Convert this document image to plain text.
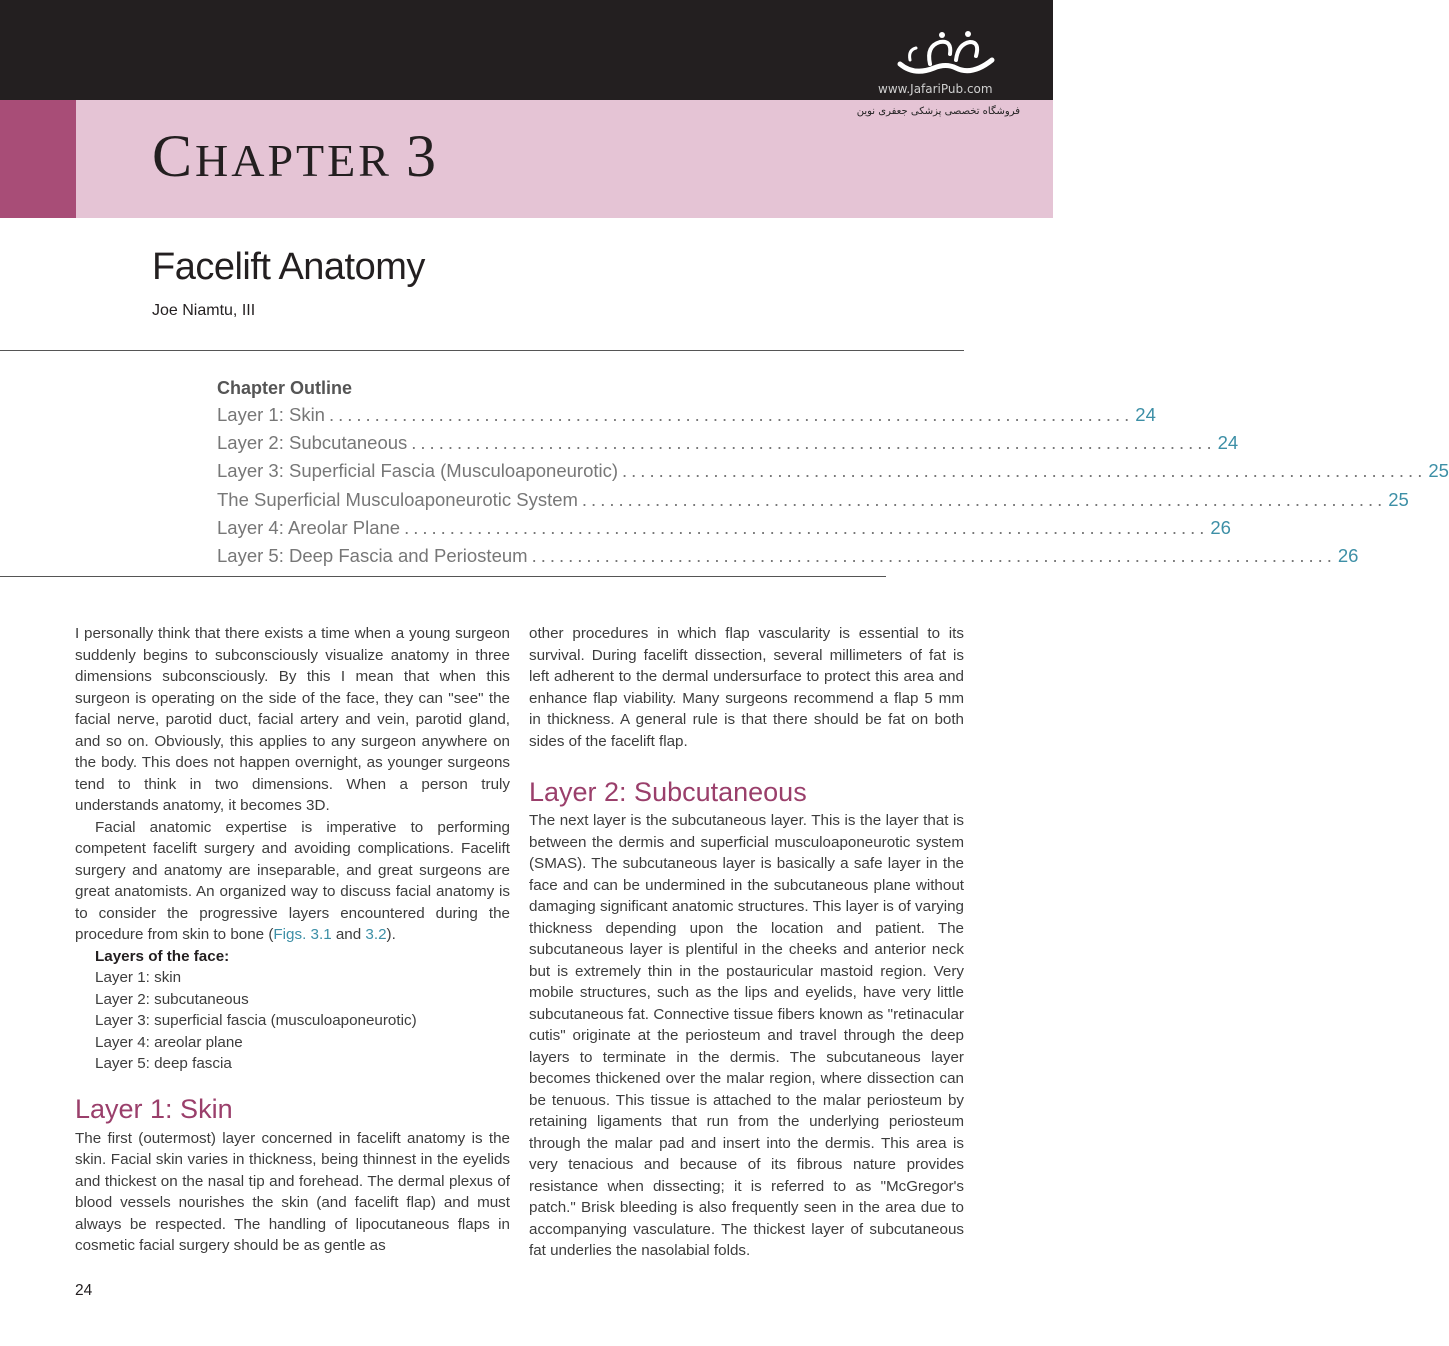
CHAPTER 3
www.JafariPub.com
فروشگاه تخصصی پزشکی جعفری نوین
Facelift Anatomy
Joe Niamtu, III
Chapter Outline
Layer 1: Skin ........................................................................................ 24
Layer 2: Subcutaneous ........................................................................................ 24
Layer 3: Superficial Fascia (Musculoaponeurotic) ........................................................................................ 25
The Superficial Musculoaponeurotic System ........................................................................................ 25
Layer 4: Areolar Plane ........................................................................................ 26
Layer 5: Deep Fascia and Periosteum ........................................................................................ 26

I personally think that there exists a time when a young surgeon suddenly begins to subconsciously visualize anatomy in three dimensions subconsciously. By this I mean that when this surgeon is operating on the side of the face, they can "see" the facial nerve, parotid duct, facial artery and vein, parotid gland, and so on. Obviously, this applies to any surgeon anywhere on the body. This does not happen overnight, as younger surgeons tend to think in two dimensions. When a person truly understands anatomy, it becomes 3D.

Facial anatomic expertise is imperative to performing competent facelift surgery and avoiding complications. Facelift surgery and anatomy are inseparable, and great surgeons are great anatomists. An organized way to discuss facial anatomy is to consider the progressive layers encountered during the procedure from skin to bone (Figs. 3.1 and 3.2).

Layers of the face:
Layer 1: skin
Layer 2: subcutaneous
Layer 3: superficial fascia (musculoaponeurotic)
Layer 4: areolar plane
Layer 5: deep fascia
Layer 1: Skin

The first (outermost) layer concerned in facelift anatomy is the skin. Facial skin varies in thickness, being thinnest in the eyelids and thickest on the nasal tip and forehead. The dermal plexus of blood vessels nourishes the skin (and facelift flap) and must always be respected. The handling of lipocutaneous flaps in cosmetic facial surgery should be as gentle as

other procedures in which flap vascularity is essential to its survival. During facelift dissection, several millimeters of fat is left adherent to the dermal undersurface to protect this area and enhance flap viability. Many surgeons recommend a flap 5 mm in thickness. A general rule is that there should be fat on both sides of the facelift flap.

Layer 2: Subcutaneous

The next layer is the subcutaneous layer. This is the layer that is between the dermis and superficial musculoaponeurotic system (SMAS). The subcutaneous layer is basically a safe layer in the face and can be undermined in the subcutaneous plane without damaging significant anatomic structures. This layer is of varying thickness depending upon the location and patient. The subcutaneous layer is plentiful in the cheeks and anterior neck but is extremely thin in the postauricular mastoid region. Very mobile structures, such as the lips and eyelids, have very little subcutaneous fat. Connective tissue fibers known as "retinacular cutis" originate at the periosteum and travel through the deep layers to terminate in the dermis. The subcutaneous layer becomes thickened over the malar region, where dissection can be tenuous. This tissue is attached to the malar periosteum by retaining ligaments that run from the underlying periosteum through the malar pad and insert into the dermis. This area is very tenacious and because of its fibrous nature provides resistance when dissecting; it is referred to as "McGregor's patch." Brisk bleeding is also frequently seen in the area due to accompanying vasculature. The thickest layer of subcutaneous fat underlies the nasolabial folds.

24
